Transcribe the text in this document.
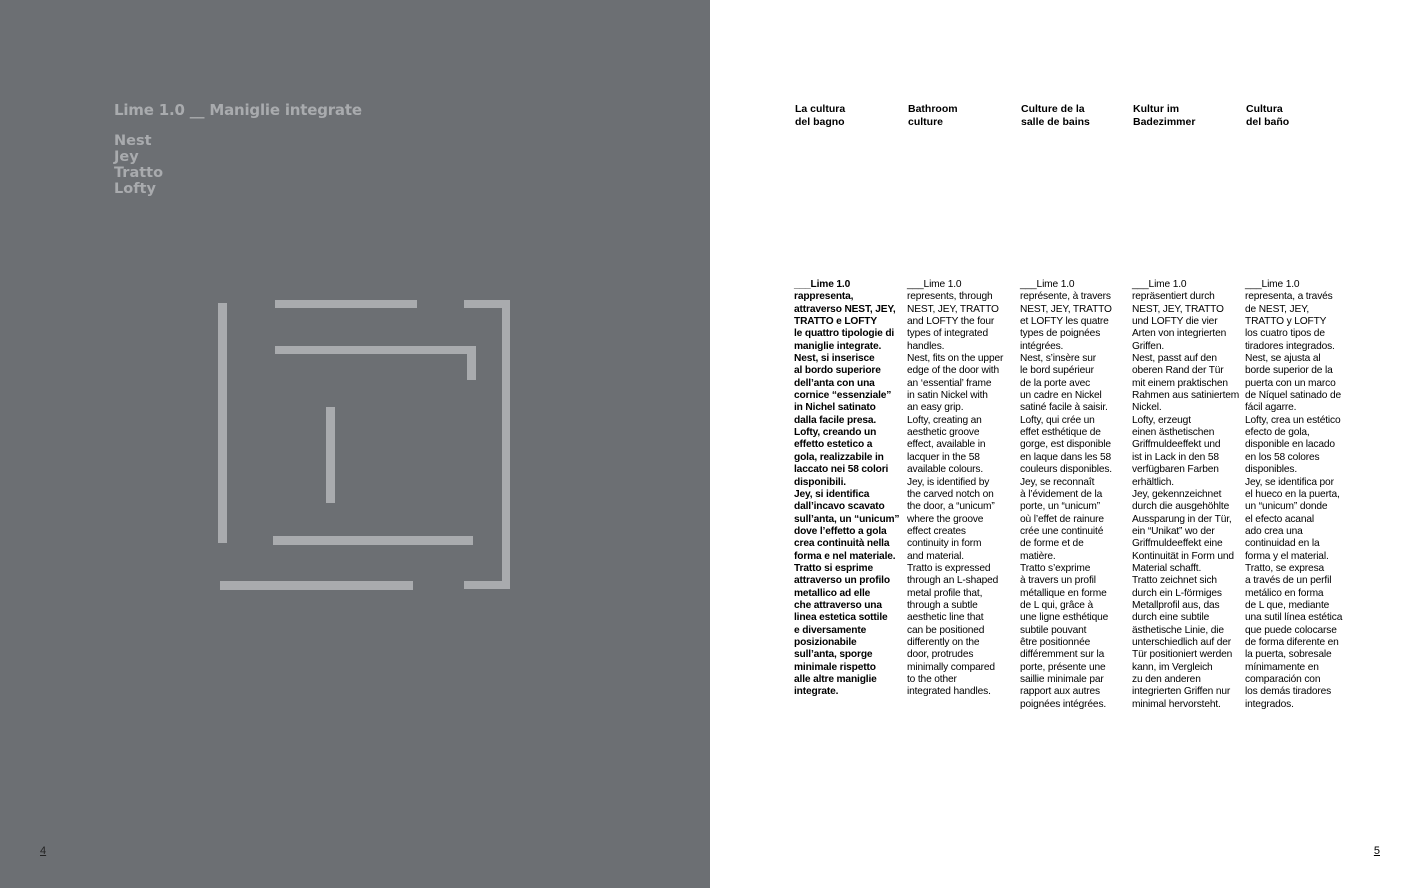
Lime 1.0 __ Maniglie integrate
Nest
Jey
Tratto
Lofty
4
La cultura
del bagno
___Lime 1.0
rappresenta,
attraverso NEST, JEY,
TRATTO e LOFTY
le quattro tipologie di
maniglie integrate.
Nest, si inserisce
al bordo superiore
dell’anta con una
cornice “essenziale”
in Nichel satinato
dalla facile presa.
Lofty, creando un
effetto estetico a
gola, realizzabile in
laccato nei 58 colori
disponibili.
Jey, si identifica
dall’incavo scavato
sull’anta, un “unicum”
dove l’effetto a gola
crea continuità nella
forma e nel materiale.
Tratto si esprime
attraverso un profilo
metallico ad elle
che attraverso una
linea estetica sottile
e diversamente
posizionabile
sull’anta, sporge
minimale rispetto
alle altre maniglie
integrate.
Bathroom
culture
___Lime 1.0
represents, through
NEST, JEY, TRATTO
and LOFTY the four
types of integrated
handles.
Nest, fits on the upper
edge of the door with
an ‘essential’ frame
in satin Nickel with
an easy grip.
Lofty, creating an
aesthetic groove
effect, available in
lacquer in the 58
available colours.
Jey, is identified by
the carved notch on
the door, a “unicum”
where the groove
effect creates
continuity in form
and material.
Tratto is expressed
through an L-shaped
metal profile that,
through a subtle
aesthetic line that
can be positioned
differently on the
door, protrudes
minimally compared
to the other
integrated handles.
Culture de la
salle de bains
___Lime 1.0
représente, à travers
NEST, JEY, TRATTO
et LOFTY les quatre
types de poignées
intégrées.
Nest, s’insère sur
le bord supérieur
de la porte avec
un cadre en Nickel
satiné facile à saisir.
Lofty, qui crée un
effet esthétique de
gorge, est disponible
en laque dans les 58
couleurs disponibles.
Jey, se reconnaît
à l’évidement de la
porte, un “unicum”
où l’effet de rainure
crée une continuité
de forme et de
matière.
Tratto s’exprime
à travers un profil
métallique en forme
de L qui, grâce à
une ligne esthétique
subtile pouvant
être positionnée
différemment sur la
porte, présente une
saillie minimale par
rapport aux autres
poignées intégrées.
Kultur im
Badezimmer
___Lime 1.0
repräsentiert durch
NEST, JEY, TRATTO
und LOFTY die vier
Arten von integrierten
Griffen.
Nest, passt auf den
oberen Rand der Tür
mit einem praktischen
Rahmen aus satiniertem
Nickel.
Lofty, erzeugt
einen ästhetischen
Griffmuldeeffekt und
ist in Lack in den 58
verfügbaren Farben
erhältlich.
Jey, gekennzeichnet
durch die ausgehöhlte
Aussparung in der Tür,
ein “Unikat” wo der
Griffmuldeeffekt eine
Kontinuität in Form und
Material schafft.
Tratto zeichnet sich
durch ein L-förmiges
Metallprofil aus, das
durch eine subtile
ästhetische Linie, die
unterschiedlich auf der
Tür positioniert werden
kann, im Vergleich
zu den anderen
integrierten Griffen nur
minimal hervorsteht.
Cultura
del baño
___Lime 1.0
representa, a través
de NEST, JEY,
TRATTO y LOFTY
los cuatro tipos de
tiradores integrados.
Nest, se ajusta al
borde superior de la
puerta con un marco
de Níquel satinado de
fácil agarre.
Lofty, crea un estético
efecto de gola,
disponible en lacado
en los 58 colores
disponibles.
Jey, se identifica por
el hueco en la puerta,
un “unicum” donde
el efecto acanal
ado crea una
continuidad en la
forma y el material.
Tratto, se expresa
a través de un perfil
metálico en forma
de L que, mediante
una sutil línea estética
que puede colocarse
de forma diferente en
la puerta, sobresale
mínimamente en
comparación con
los demás tiradores
integrados.
5
